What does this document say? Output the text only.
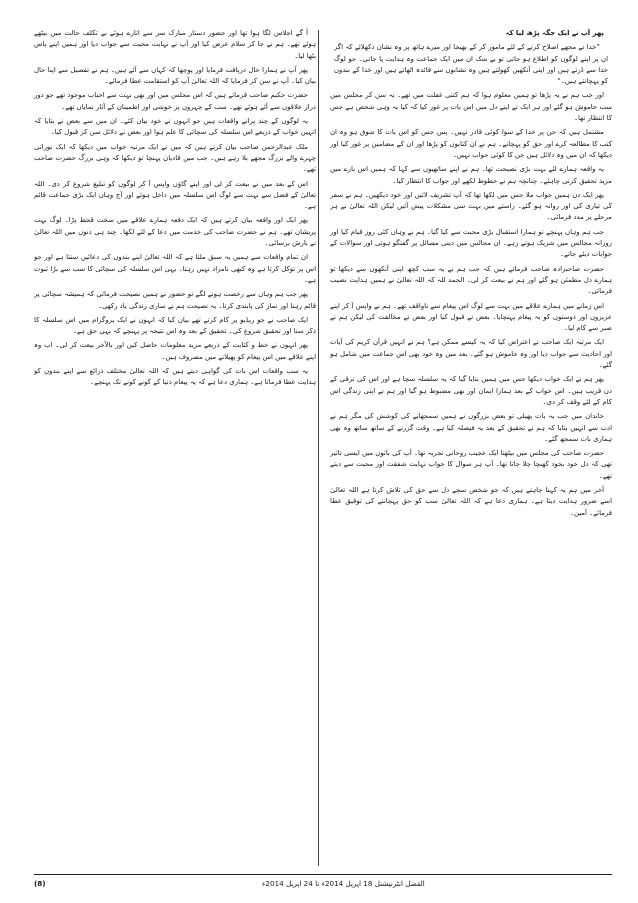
پھر آپ نے ایک جگہ پڑھ لیا کہ

”خدا نے مجھے اصلاح کرنے کے لئے مامور کر کے بھیجا اور میرے ہاتھ پر وہ نشان دکھلائے کہ اگر ان پر اپنے لوگوں کو اطلاع ہو جاتی تو بے شک ان میں ایک جماعت وہ ہدایت پا جاتی۔ جو لوگ خدا سے ڈرتے ہیں اور اپنی آنکھیں کھولتے ہیں وہ نشانوں سے فائدہ اٹھاتے ہیں اور خدا کے بندوں کو پہچانتے ہیں۔“

اور جب ہم نے یہ پڑھا تو ہمیں معلوم ہوا کہ ہم کتنی غفلت میں تھے۔ یہ سن کر مجلس میں سب خاموش ہو گئے اور ہر ایک نے اپنے دل میں اس بات پر غور کیا کہ کیا یہ وہی شخص ہے جس کا انتظار تھا۔

مشتمل ہیں کہ جن پر خدا کے سوا کوئی قادر نہیں۔ پس جس کو اس بات کا شوق ہو وہ ان کتب کا مطالعہ کرے اور حق کو پہچانے۔ ہم نے ان کتابوں کو پڑھا اور ان کے مضامین پر غور کیا اور دیکھا کہ ان میں وہ دلائل ہیں جن کا کوئی جواب نہیں۔

یہ واقعہ ہمارے لئے بہت بڑی نصیحت تھا۔ ہم نے اپنے ساتھیوں سے کہا کہ ہمیں اس بارے میں مزید تحقیق کرنی چاہئے۔ چنانچہ ہم نے خطوط لکھے اور جواب کا انتظار کیا۔

پھر ایک دن ہمیں جواب ملا جس میں لکھا تھا کہ آپ تشریف لائیں اور خود دیکھیں۔ ہم نے سفر کی تیاری کی اور روانہ ہو گئے۔ راستے میں بہت سی مشکلات پیش آئیں لیکن اللہ تعالیٰ نے ہر مرحلے پر مدد فرمائی۔

جب ہم وہاں پہنچے تو ہمارا استقبال بڑی محبت سے کیا گیا۔ ہم نے وہاں کئی روز قیام کیا اور روزانہ مجالس میں شریک ہوتے رہے۔ ان مجالس میں دینی مسائل پر گفتگو ہوتی اور سوالات کے جوابات دیئے جاتے۔

حضرت صاحبزادہ صاحب فرماتے ہیں کہ جب ہم نے یہ سب کچھ اپنی آنکھوں سے دیکھا تو ہمارے دل مطمئن ہو گئے اور ہم نے بیعت کر لی۔ الحمد للہ کہ اللہ تعالیٰ نے ہمیں ہدایت نصیب فرمائی۔

اس زمانے میں ہمارے علاقے میں بہت سے لوگ اس پیغام سے ناواقف تھے۔ ہم نے واپس آ کر اپنے عزیزوں اور دوستوں کو یہ پیغام پہنچایا۔ بعض نے قبول کیا اور بعض نے مخالفت کی لیکن ہم نے صبر سے کام لیا۔

ایک مرتبہ ایک صاحب نے اعتراض کیا کہ یہ کیسے ممکن ہے؟ ہم نے انہیں قرآن کریم کی آیات اور احادیث سے جواب دیا اور وہ خاموش ہو گئے۔ بعد میں وہ خود بھی اس جماعت میں شامل ہو گئے۔

پھر ہم نے ایک خواب دیکھا جس میں ہمیں بتایا گیا کہ یہ سلسلہ سچا ہے اور اس کی ترقی کے دن قریب ہیں۔ اس خواب کے بعد ہمارا ایمان اور بھی مضبوط ہو گیا اور ہم نے اپنی زندگی اس کام کے لئے وقف کر دی۔

خاندان میں جب یہ بات پھیلی تو بعض بزرگوں نے ہمیں سمجھانے کی کوشش کی مگر ہم نے ادب سے انہیں بتایا کہ ہم نے تحقیق کے بعد یہ فیصلہ کیا ہے۔ وقت گزرنے کے ساتھ ساتھ وہ بھی ہماری بات سمجھ گئے۔

حضرت صاحب کی مجلس میں بیٹھنا ایک عجیب روحانی تجربہ تھا۔ آپ کی باتوں میں ایسی تاثیر تھی کہ دل خود بخود کھنچا چلا جاتا تھا۔ آپ ہر سوال کا جواب نہایت شفقت اور محبت سے دیتے تھے۔

آخر میں ہم یہ کہنا چاہتے ہیں کہ جو شخص سچے دل سے حق کی تلاش کرتا ہے اللہ تعالیٰ اسے ضرور ہدایت دیتا ہے۔ ہماری دعا ہے کہ اللہ تعالیٰ سب کو حق پہچاننے کی توفیق عطا فرمائے۔ آمین۔

آ گے اجلاس لگا ہوا تھا اور حضور دستار مبارک سر سے اتارے ہوئے بے تکلف حالت میں بیٹھے ہوئے تھے۔ ہم نے جا کر سلام عرض کیا اور آپ نے نہایت محبت سے جواب دیا اور ہمیں اپنے پاس بٹھا لیا۔

پھر آپ نے ہمارا حال دریافت فرمایا اور پوچھا کہ کہاں سے آئے ہیں۔ ہم نے تفصیل سے اپنا حال بیان کیا۔ آپ نے سن کر فرمایا کہ اللہ تعالیٰ آپ کو استقامت عطا فرمائے۔

حضرت حکیم صاحب فرماتے ہیں کہ اس مجلس میں اور بھی بہت سے احباب موجود تھے جو دور دراز علاقوں سے آئے ہوئے تھے۔ سب کے چہروں پر خوشی اور اطمینان کے آثار نمایاں تھے۔

یہ لوگوں کے چند پرانے واقعات ہیں جو انہوں نے خود بیان کئے۔ ان میں سے بعض نے بتایا کہ انہیں خواب کے ذریعے اس سلسلہ کی سچائی کا علم ہوا اور بعض نے دلائل سن کر قبول کیا۔

ملک عبدالرحمن صاحب بیان کرتے ہیں کہ میں نے ایک مرتبہ خواب میں دیکھا کہ ایک نورانی چہرے والے بزرگ مجھے بلا رہے ہیں۔ جب میں قادیان پہنچا تو دیکھا کہ وہی بزرگ حضرت صاحب تھے۔

اس کے بعد میں نے بیعت کر لی اور اپنے گاؤں واپس آ کر لوگوں کو تبلیغ شروع کر دی۔ اللہ تعالیٰ کے فضل سے بہت سے لوگ اس سلسلہ میں داخل ہوئے اور آج وہاں ایک بڑی جماعت قائم ہے۔

پھر ایک اور واقعہ بیان کرتے ہیں کہ ایک دفعہ ہمارے علاقے میں سخت قحط پڑا۔ لوگ بہت پریشان تھے۔ ہم نے حضرت صاحب کی خدمت میں دعا کے لئے لکھا۔ چند ہی دنوں میں اللہ تعالیٰ نے بارش برسائی۔

ان تمام واقعات سے ہمیں یہ سبق ملتا ہے کہ اللہ تعالیٰ اپنے بندوں کی دعائیں سنتا ہے اور جو اس پر توکل کرتا ہے وہ کبھی نامراد نہیں رہتا۔ یہی اس سلسلہ کی سچائی کا سب سے بڑا ثبوت ہے۔

پھر جب ہم وہاں سے رخصت ہونے لگے تو حضور نے ہمیں نصیحت فرمائی کہ ہمیشہ سچائی پر قائم رہنا اور نماز کی پابندی کرنا۔ یہ نصیحت ہم نے ساری زندگی یاد رکھی۔

ایک صاحب نے جو ریڈیو پر کام کرتے تھے بیان کیا کہ انہوں نے ایک پروگرام میں اس سلسلہ کا ذکر سنا اور تحقیق شروع کی۔ تحقیق کے بعد وہ اس نتیجہ پر پہنچے کہ یہی حق ہے۔

پھر انہوں نے خط و کتابت کے ذریعے مزید معلومات حاصل کیں اور بالآخر بیعت کر لی۔ اب وہ اپنے علاقے میں اس پیغام کو پھیلانے میں مصروف ہیں۔

یہ سب واقعات اس بات کی گواہی دیتے ہیں کہ اللہ تعالیٰ مختلف ذرائع سے اپنے بندوں کو ہدایت عطا فرماتا ہے۔ ہماری دعا ہے کہ یہ پیغام دنیا کے کونے کونے تک پہنچے۔

(8)	الفضل انٹرنیشنل 18 اپریل 2014ء تا 24 اپریل 2014ء
